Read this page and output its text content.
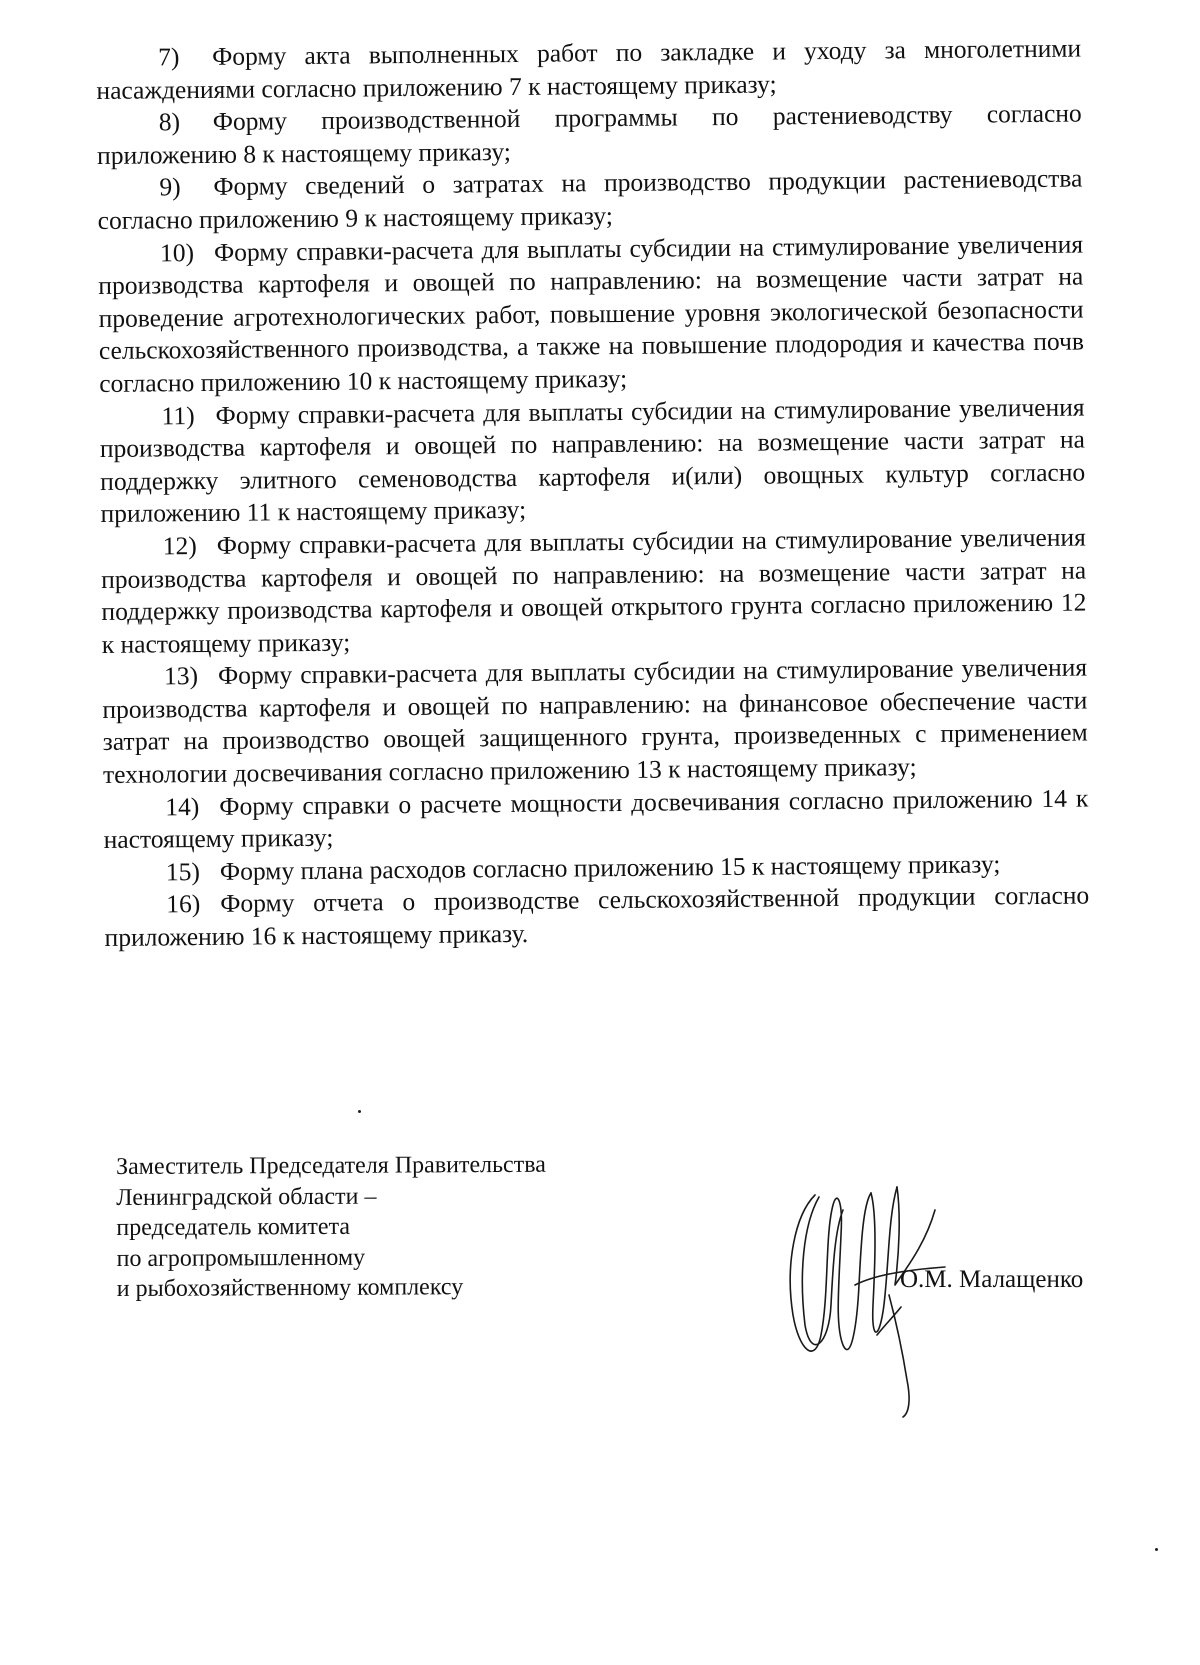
7) Форму акта выполненных работ по закладке и уходу за многолетними насаждениями согласно приложению 7 к настоящему приказу;

8) Форму производственной программы по растениеводству согласно приложению 8 к настоящему приказу;

9) Форму сведений о затратах на производство продукции растениеводства согласно приложению 9 к настоящему приказу;

10) Форму справки-расчета для выплаты субсидии на стимулирование увеличения производства картофеля и овощей по направлению: на возмещение части затрат на проведение агротехнологических работ, повышение уровня экологической безопасности сельскохозяйственного производства, а также на повышение плодородия и качества почв согласно приложению 10 к настоящему приказу;

11) Форму справки-расчета для выплаты субсидии на стимулирование увеличения производства картофеля и овощей по направлению: на возмещение части затрат на поддержку элитного семеноводства картофеля и(или) овощных культур согласно приложению 11 к настоящему приказу;

12) Форму справки-расчета для выплаты субсидии на стимулирование увеличения производства картофеля и овощей по направлению: на возмещение части затрат на поддержку производства картофеля и овощей открытого грунта согласно приложению 12 к настоящему приказу;

13) Форму справки-расчета для выплаты субсидии на стимулирование увеличения производства картофеля и овощей по направлению: на финансовое обеспечение части затрат на производство овощей защищенного грунта, произведенных с применением технологии досвечивания согласно приложению 13 к настоящему приказу;

14) Форму справки о расчете мощности досвечивания согласно приложению 14 к настоящему приказу;

15) Форму плана расходов согласно приложению 15 к настоящему приказу;

16) Форму отчета о производстве сельскохозяйственной продукции согласно приложению 16 к настоящему приказу.

Заместитель Председателя Правительства
Ленинградской области –
председатель комитета
по агропромышленному
и рыбохозяйственному комплексу	О.М. Малащенко
